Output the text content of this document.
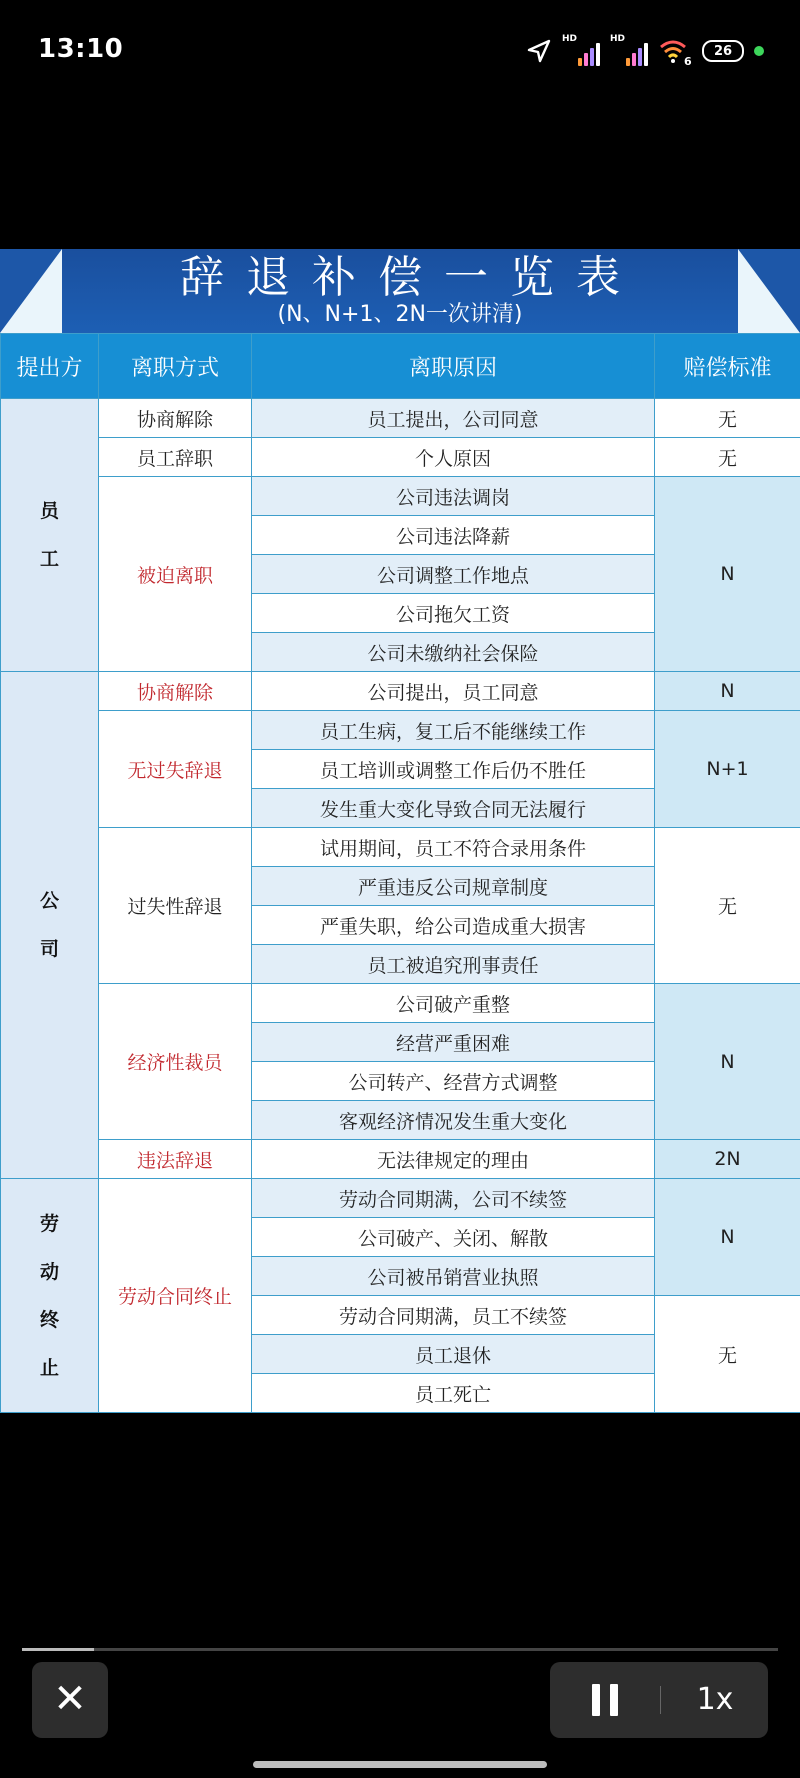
13:10	HD	HD
6
26
辞退补偿一览表
(N、N+1、2N一次讲清)
提出方	离职方式	离职原因	赔偿标准
员
工	协商解除	员工提出，公司同意	无
	员工辞职	个人原因	无
	被迫离职	公司违法调岗	N
		公司违法降薪	
		公司调整工作地点	
		公司拖欠工资	
		公司未缴纳社会保险	
公
司	协商解除	公司提出，员工同意	N
	无过失辞退	员工生病，复工后不能继续工作	N+1
		员工培训或调整工作后仍不胜任	
		发生重大变化导致合同无法履行	
	过失性辞退	试用期间，员工不符合录用条件	无
		严重违反公司规章制度	
		严重失职，给公司造成重大损害	
		员工被追究刑事责任	
	经济性裁员	公司破产重整	N
		经营严重困难	
		公司转产、经营方式调整	
		客观经济情况发生重大变化	
	违法辞退	无法律规定的理由	2N
劳
动
终
止	劳动合同终止	劳动合同期满，公司不续签	N
		公司破产、关闭、解散	
		公司被吊销营业执照	
		劳动合同期满，员工不续签	无
		员工退休	
		员工死亡	
✕	1x
